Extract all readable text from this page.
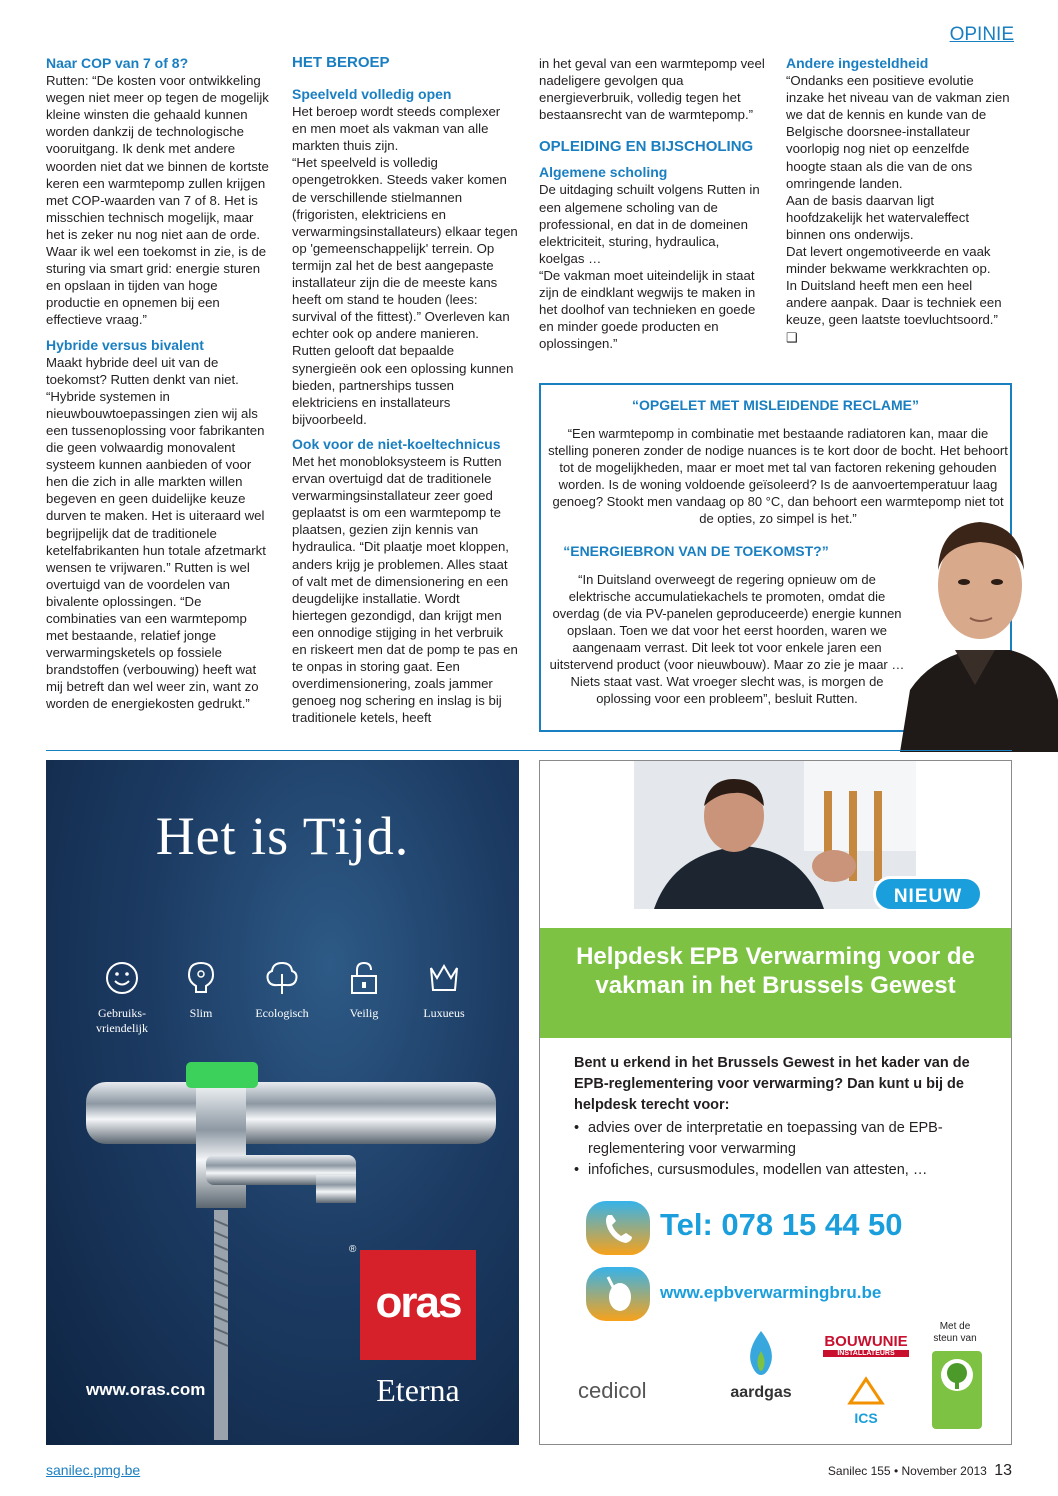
OPINIE
Naar COP van 7 of 8?

Rutten: “De kosten voor ontwikkeling wegen niet meer op tegen de mogelijk kleine winsten die gehaald kunnen worden dankzij de technologische vooruitgang. Ik denk met andere woorden niet dat we binnen de kortste keren een warmtepomp zullen krijgen met COP-waarden van 7 of 8. Het is misschien technisch mogelijk, maar het is zeker nu nog niet aan de orde. Waar ik wel een toekomst in zie, is de sturing via smart grid: energie sturen en opslaan in tijden van hoge productie en opnemen bij een effectieve vraag.”

Hybride versus bivalent

Maakt hybride deel uit van de toekomst? Rutten denkt van niet. “Hybride systemen in nieuwbouwtoepassingen zien wij als een tussenoplossing voor fabrikanten die geen volwaardig monovalent systeem kunnen aanbieden of voor hen die zich in alle markten willen begeven en geen duidelijke keuze durven te maken. Het is uiteraard wel begrijpelijk dat de traditionele ketelfabrikanten hun totale afzetmarkt wensen te vrijwaren.” Rutten is wel overtuigd van de voordelen van bivalente oplossingen. “De combinaties van een warmtepomp met bestaande, relatief jonge verwarmingsketels op fossiele brandstoffen (verbouwing) heeft wat mij betreft dan wel weer zin, want zo worden de energiekosten gedrukt.”

HET BEROEP
Speelveld volledig open

Het beroep wordt steeds complexer en men moet als vakman van alle markten thuis zijn.

“Het speelveld is volledig opengetrokken. Steeds vaker komen de verschillende stielmannen (frigoristen, elektriciens en verwarmingsinstallateurs) elkaar tegen op 'gemeenschappelijk' terrein. Op termijn zal het de best aangepaste installateur zijn die de meeste kans heeft om stand te houden (lees: survival of the fittest).” Overleven kan echter ook op andere manieren. Rutten gelooft dat bepaalde synergieën ook een oplossing kunnen bieden, partnerships tussen elektriciens en installateurs bijvoorbeeld.

Ook voor de niet-koeltechnicus

Met het monobloksysteem is Rutten ervan overtuigd dat de traditionele verwarmingsinstallateur zeer goed geplaatst is om een warmtepomp te plaatsen, gezien zijn kennis van hydraulica. “Dit plaatje moet kloppen, anders krijg je problemen. Alles staat of valt met de dimensionering en een deugdelijke installatie. Wordt hiertegen gezondigd, dan krijgt men een onnodige stijging in het verbruik en riskeert men dat de pomp te pas en te onpas in storing gaat. Een overdimensionering, zoals jammer genoeg nog schering en inslag is bij traditionele ketels, heeft

in het geval van een warmtepomp veel nadeligere gevolgen qua energieverbruik, volledig tegen het bestaansrecht van de warmtepomp.”

OPLEIDING EN BIJSCHOLING
Algemene scholing

De uitdaging schuilt volgens Rutten in een algemene scholing van de professional, en dat in de domeinen elektriciteit, sturing, hydraulica, koelgas …

“De vakman moet uiteindelijk in staat zijn de eindklant wegwijs te maken in het doolhof van technieken en goede en minder goede producten en oplossingen.”

Andere ingesteldheid

“Ondanks een positieve evolutie inzake het niveau van de vakman zien we dat de kennis en kunde van de Belgische doorsnee-installateur voorlopig nog niet op eenzelfde hoogte staan als die van de ons omringende landen.

Aan de basis daarvan ligt hoofdzakelijk het watervaleffect binnen ons onderwijs.

Dat levert ongemotiveerde en vaak minder bekwame werkkrachten op.

In Duitsland heeft men een heel andere aanpak. Daar is techniek een keuze, geen laatste toevluchtsoord.” ❑

“OPGELET MET MISLEIDENDE RECLAME”
“Een warmtepomp in combinatie met bestaande radiatoren kan, maar die stelling poneren zonder de nodige nuances is te kort door de bocht. Het behoort tot de mogelijkheden, maar er moet met tal van factoren rekening gehouden worden. Is de woning voldoende geïsoleerd? Is de aanvoertemperatuur laag genoeg? Stookt men vandaag op 80 °C, dan behoort een warmtepomp niet tot de opties, zo simpel is het.”
“ENERGIEBRON VAN DE TOEKOMST?”
“In Duitsland overweegt de regering opnieuw om de elektrische accumulatiekachels te promoten, omdat die overdag (de via PV-panelen geproduceerde) energie kunnen opslaan. Toen we dat voor het eerst hoorden, waren we aangenaam verrast. Dit leek tot voor enkele jaren een uitstervend product (voor nieuwbouw). Maar zo zie je maar … Niets staat vast. Wat vroeger slecht was, is morgen de oplossing voor een probleem”, besluit Rutten.
Het is Tijd.
Gebruiks-
vriendelijk
Slim	Ecologisch	Veilig	Luxueus
®
oras
Eterna
www.oras.com
NIEUW
Helpdesk EPB Verwarming voor de vakman in het Brussels Gewest
Bent u erkend in het Brussels Gewest in het kader van de EPB-reglementering voor verwarming? Dan kunt u bij de helpdesk terecht voor:
• advies over de interpretatie en toepassing van de EPB-reglementering voor verwarming
• infofiches, cursusmodules, modellen van attesten, …
Tel: 078 15 44 50
www.epbverwarmingbru.be
cedicol	aardgas
BOUWUNIE
INSTALLATEURS
ICS
Met de steun van
sanilec.pmg.be	Sanilec 155 • November 2013 13
